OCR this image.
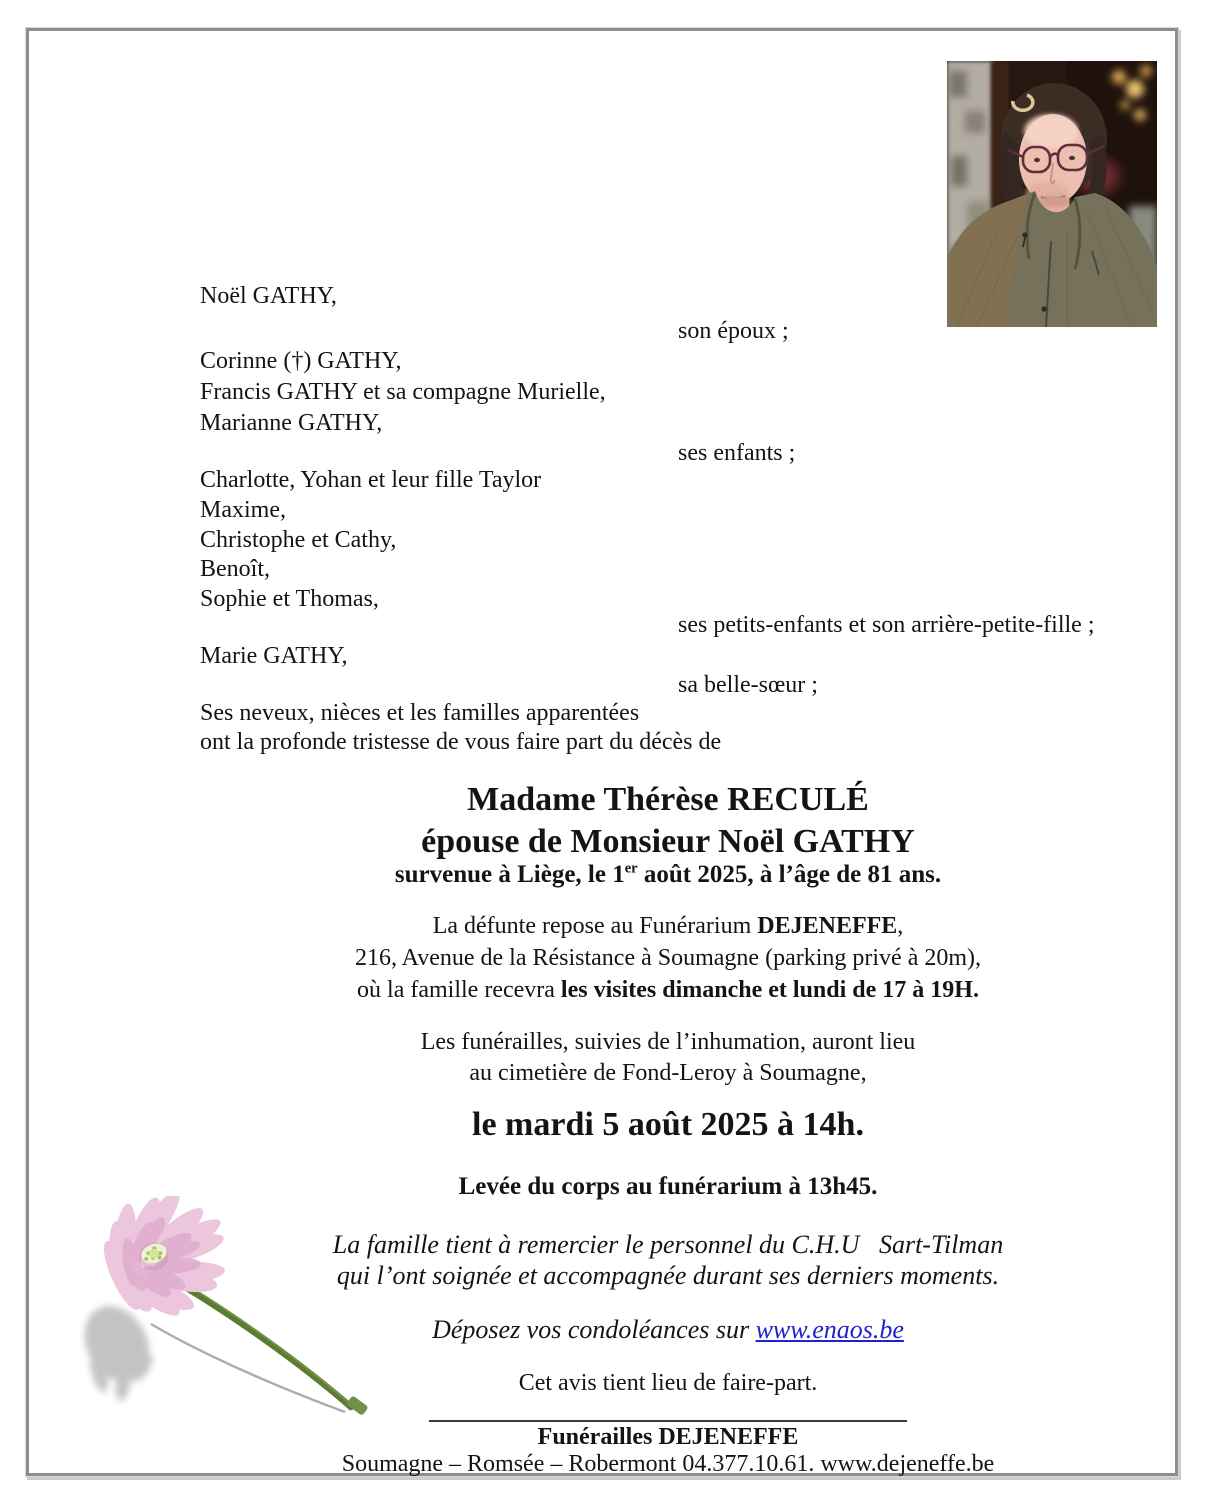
Noël GATHY,
son époux ;
Corinne (†) GATHY,
Francis GATHY et sa compagne Murielle,
Marianne GATHY,
ses enfants ;
Charlotte, Yohan et leur fille Taylor
Maxime,
Christophe et Cathy,
Benoît,
Sophie et Thomas,
ses petits-enfants et son arrière-petite-fille ;
Marie GATHY,
sa belle-sœur ;
Ses neveux, nièces et les familles apparentées
ont la profonde tristesse de vous faire part du décès de
Madame Thérèse RECULÉ
épouse de Monsieur Noël GATHY
survenue à Liège, le 1er août 2025, à l’âge de 81 ans.
La défunte repose au Funérarium DEJENEFFE,
216, Avenue de la Résistance à Soumagne (parking privé à 20m),
où la famille recevra les visites dimanche et lundi de 17 à 19H.
Les funérailles, suivies de l’inhumation, auront lieu
au cimetière de Fond-Leroy à Soumagne,
le mardi 5 août 2025 à 14h.
Levée du corps au funérarium à 13h45.
La famille tient à remercier le personnel du C.H.U   Sart-Tilman
qui l’ont soignée et accompagnée durant ses derniers moments.
Déposez vos condoléances sur www.enaos.be
Cet avis tient lieu de faire-part.
Funérailles DEJENEFFE
Soumagne – Romsée – Robermont 04.377.10.61. www.dejeneffe.be
